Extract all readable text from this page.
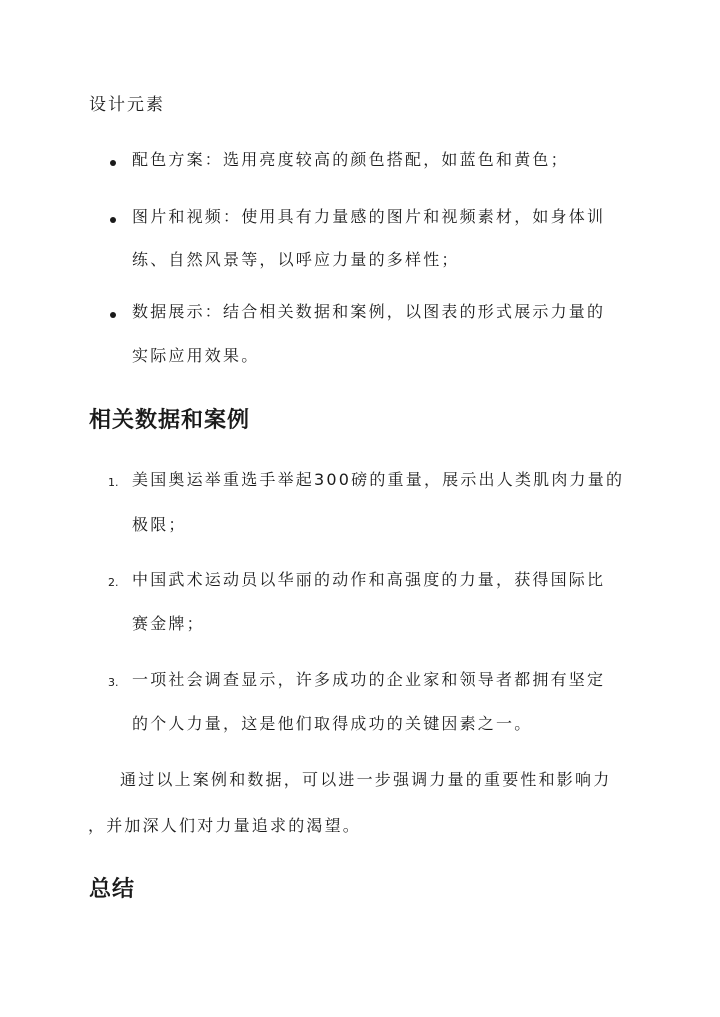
设计元素
配色方案：选用亮度较高的颜色搭配，如蓝色和黄色；
图片和视频：使用具有力量感的图片和视频素材，如身体训
练、自然风景等，以呼应力量的多样性；
数据展示：结合相关数据和案例，以图表的形式展示力量的
实际应用效果。
相关数据和案例
1. 美国奥运举重选手举起300磅的重量，展示出人类肌肉力量的
极限；
2. 中国武术运动员以华丽的动作和高强度的力量，获得国际比
赛金牌；
3. 一项社会调查显示，许多成功的企业家和领导者都拥有坚定
的个人力量，这是他们取得成功的关键因素之一。
通过以上案例和数据，可以进一步强调力量的重要性和影响力
，并加深人们对力量追求的渴望。
总结
